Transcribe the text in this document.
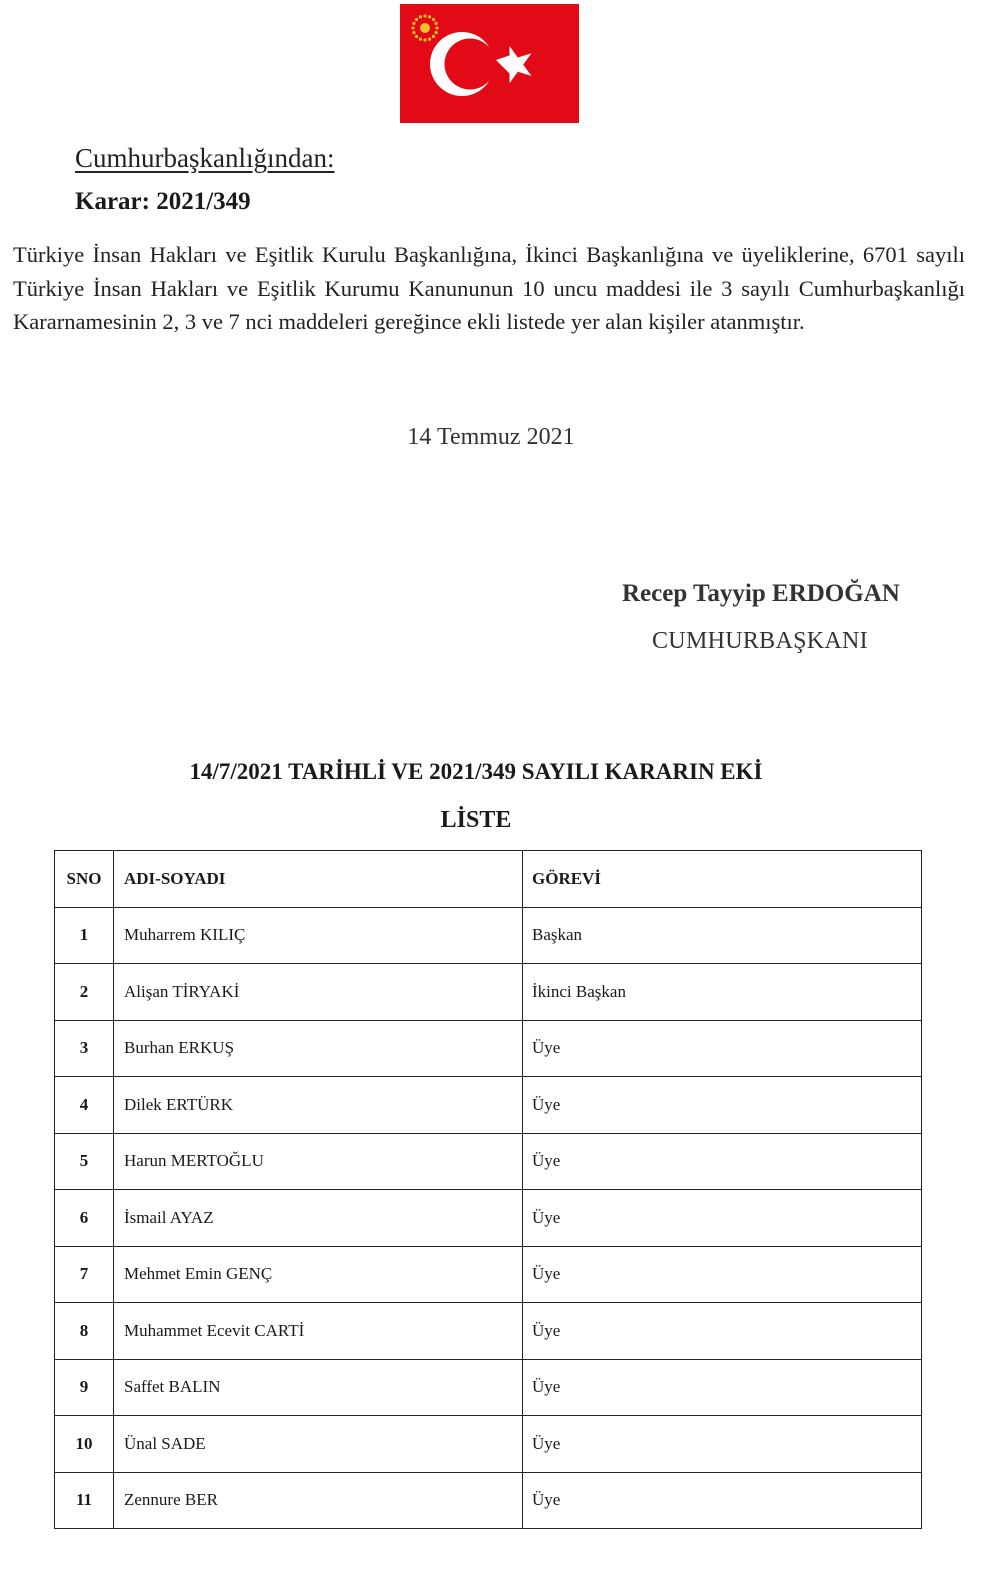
Cumhurbaşkanlığından:
Karar: 2021/349
Türkiye İnsan Hakları ve Eşitlik Kurulu Başkanlığına, İkinci Başkanlığına ve üyeliklerine, 6701 sayılı Türkiye İnsan Hakları ve Eşitlik Kurumu Kanununun 10 uncu maddesi ile 3 sayılı Cumhurbaşkanlığı Kararnamesinin 2, 3 ve 7 nci maddeleri gereğince ekli listede yer alan kişiler atanmıştır.
14 Temmuz 2021
Recep Tayyip ERDOĞAN
CUMHURBAŞKANI
14/7/2021 TARİHLİ VE 2021/349 SAYILI KARARIN EKİ
LİSTE
SNO	ADI-SOYADI	GÖREVİ
1	Muharrem KILIÇ	Başkan
2	Alişan TİRYAKİ	İkinci Başkan
3	Burhan ERKUŞ	Üye
4	Dilek ERTÜRK	Üye
5	Harun MERTOĞLU	Üye
6	İsmail AYAZ	Üye
7	Mehmet Emin GENÇ	Üye
8	Muhammet Ecevit CARTİ	Üye
9	Saffet BALIN	Üye
10	Ünal SADE	Üye
11	Zennure BER	Üye
